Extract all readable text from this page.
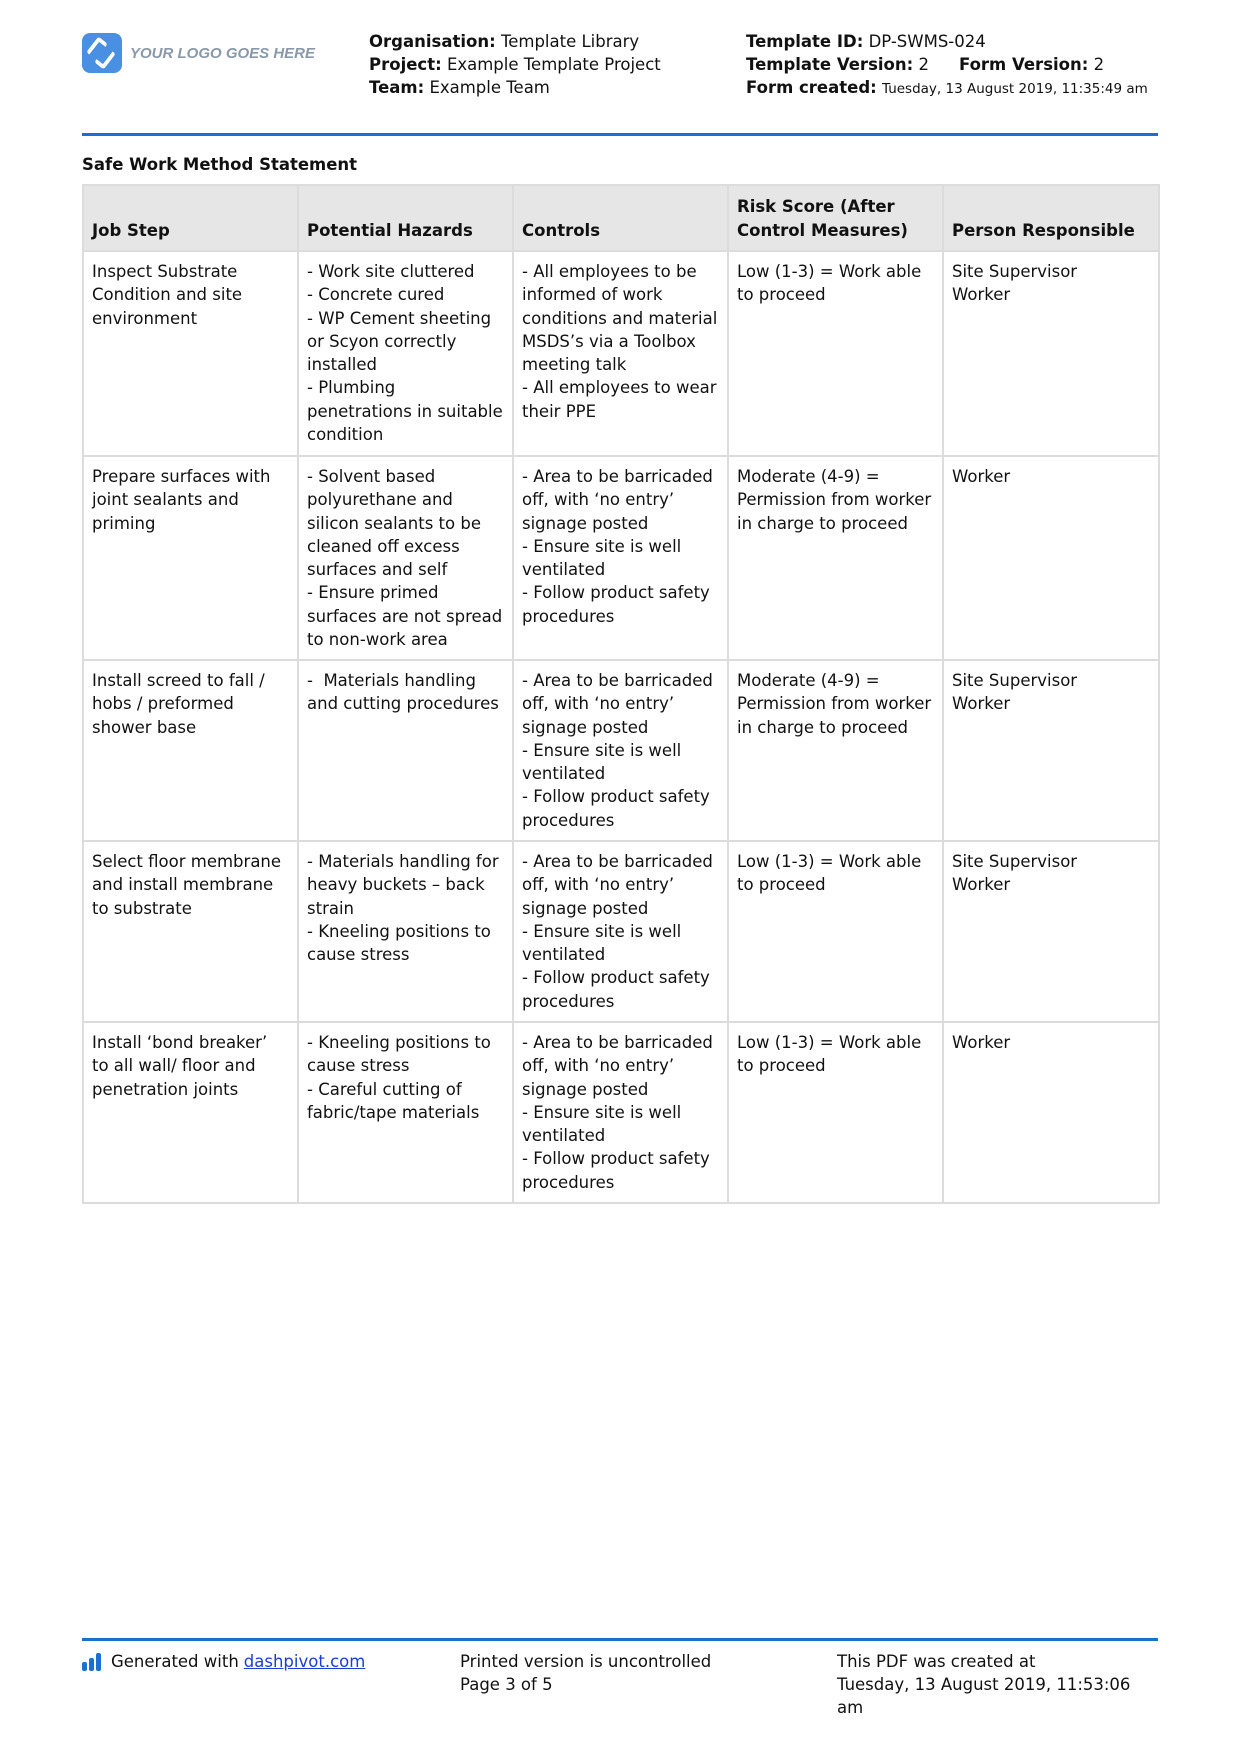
YOUR LOGO GOES HERE
Organisation: Template Library
Project: Example Template Project
Team: Example Team
Template ID: DP-SWMS-024
Template Version: 2 Form Version: 2
Form created: Tuesday, 13 August 2019, 11:35:49 am
Safe Work Method Statement
Job Step	Potential Hazards	Controls	Risk Score (After Control Measures)	Person Responsible
Inspect Substrate Condition and site environment	- Work site cluttered
- Concrete cured
- WP Cement sheeting or Scyon correctly installed
- Plumbing penetrations in suitable condition	- All employees to be informed of work conditions and material MSDS’s via a Toolbox meeting talk
- All employees to wear their PPE	Low (1-3) = Work able to proceed	Site Supervisor
Worker

Prepare surfaces with joint sealants and priming	- Solvent based polyurethane and silicon sealants to be cleaned off excess surfaces and self
- Ensure primed surfaces are not spread to non-work area	- Area to be barricaded off, with ‘no entry’ signage posted
- Ensure site is well ventilated
- Follow product safety procedures	Moderate (4-9) = Permission from worker in charge to proceed	Worker

Install screed to fall / hobs / preformed shower base	-  Materials handling and cutting procedures	- Area to be barricaded off, with ‘no entry’ signage posted
- Ensure site is well ventilated
- Follow product safety procedures	Moderate (4-9) = Permission from worker in charge to proceed	Site Supervisor
Worker

Select floor membrane and install membrane to substrate	- Materials handling for heavy buckets – back strain
- Kneeling positions to cause stress	- Area to be barricaded off, with ‘no entry’ signage posted
- Ensure site is well ventilated
- Follow product safety procedures	Low (1-3) = Work able to proceed	Site Supervisor
Worker

Install ‘bond breaker’ to all wall/ floor and penetration joints	- Kneeling positions to cause stress
- Careful cutting of fabric/tape materials	- Area to be barricaded off, with ‘no entry’ signage posted
- Ensure site is well ventilated
- Follow product safety procedures	Low (1-3) = Work able to proceed	Worker
Generated with dashpivot.com	Printed version is uncontrolled
Page 3 of 5
This PDF was created at
Tuesday, 13 August 2019, 11:53:06 am
